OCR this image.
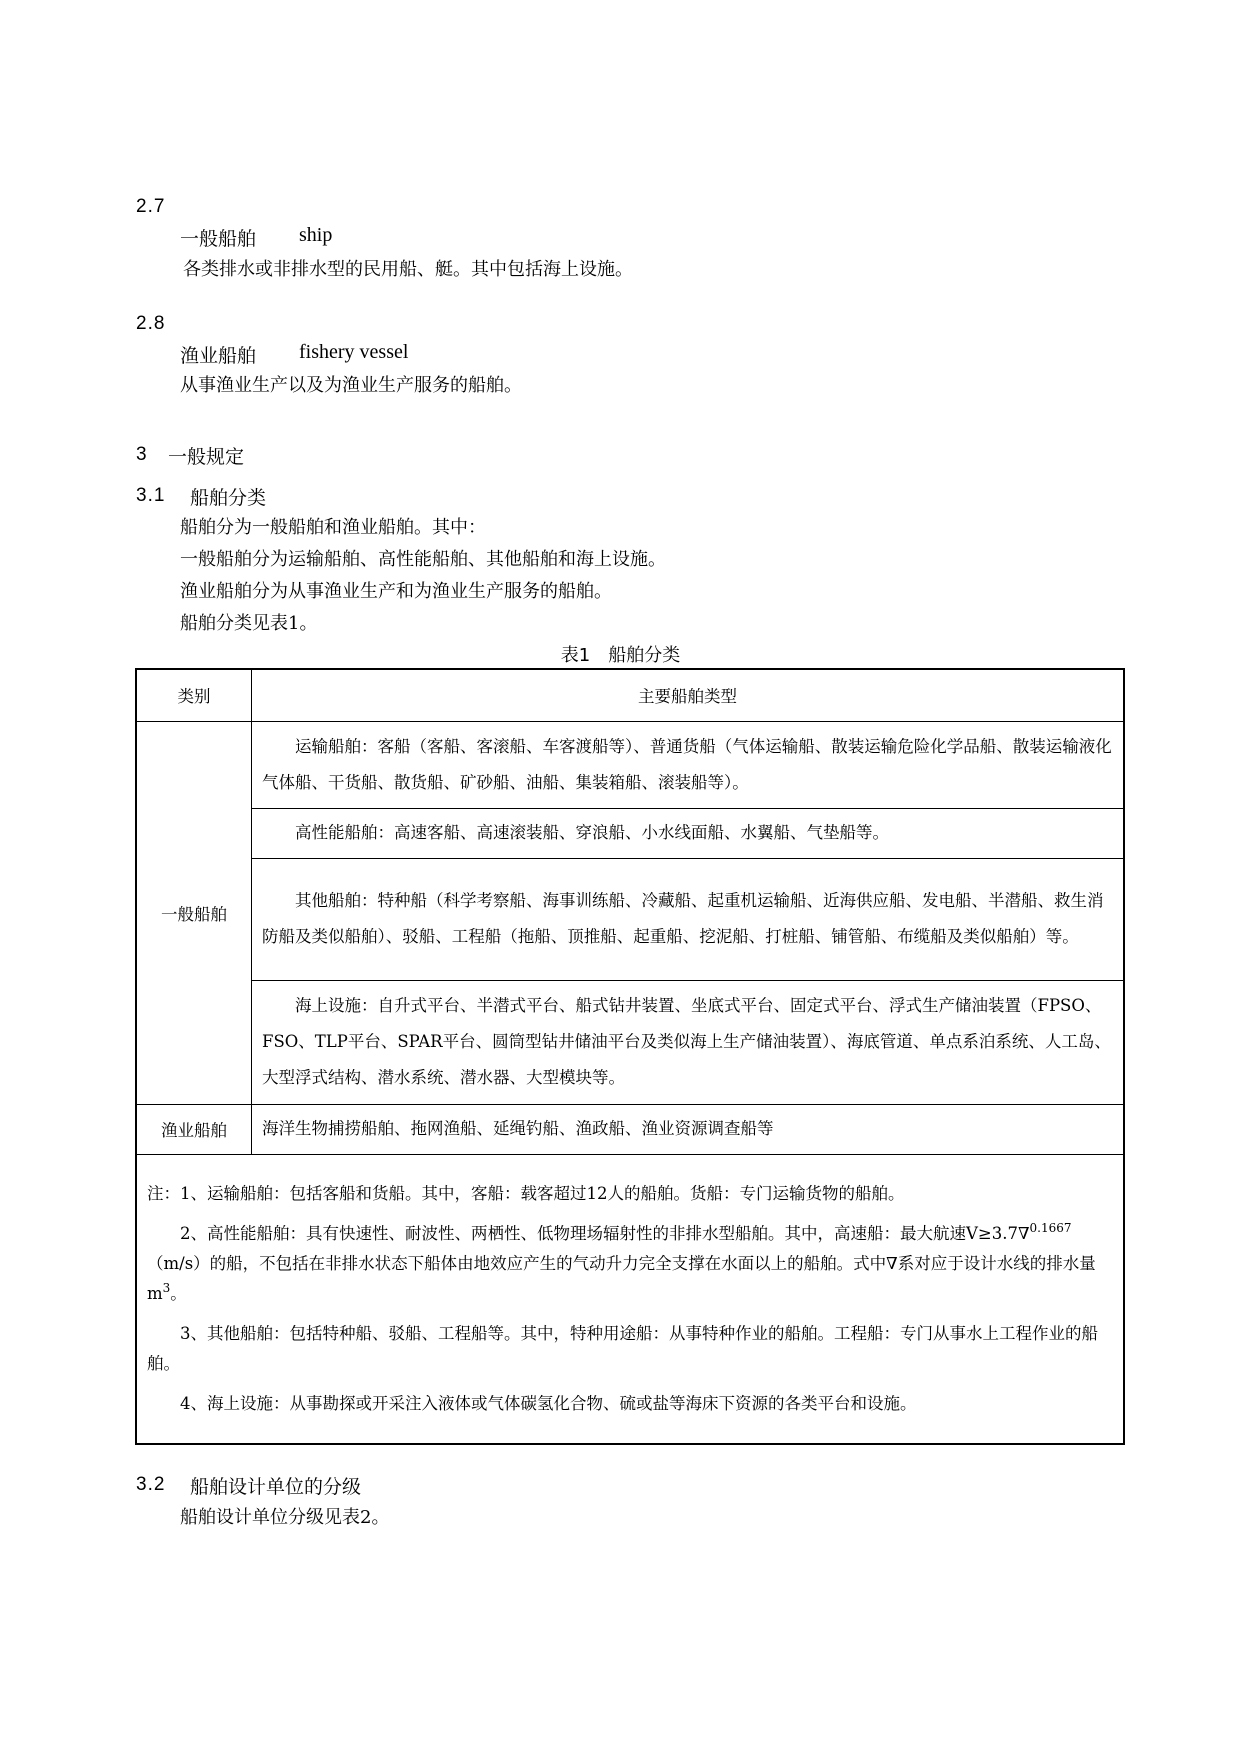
2.7
一般船舶 ship
各类排水或非排水型的民用船、艇。其中包括海上设施。
2.8
渔业船舶 fishery vessel
从事渔业生产以及为渔业生产服务的船舶。
3 一般规定
3.1 船舶分类
船舶分为一般船舶和渔业船舶。其中：
一般船舶分为运输船舶、高性能船舶、其他船舶和海上设施。
渔业船舶分为从事渔业生产和为渔业生产服务的船舶。
船舶分类见表1。
表1　船舶分类
类别	主要船舶类型
一般船舶	运输船舶：客船（客船、客滚船、车客渡船等）、普通货船（气体运输船、散装运输危险化学品船、散装运输液化气体船、干货船、散货船、矿砂船、油船、集装箱船、滚装船等）。
	高性能船舶：高速客船、高速滚装船、穿浪船、小水线面船、水翼船、气垫船等。
	其他船舶：特种船（科学考察船、海事训练船、冷藏船、起重机运输船、近海供应船、发电船、半潜船、救生消防船及类似船舶）、驳船、工程船（拖船、顶推船、起重船、挖泥船、打桩船、铺管船、布缆船及类似船舶）等。
	海上设施：自升式平台、半潜式平台、船式钻井装置、坐底式平台、固定式平台、浮式生产储油装置（FPSO、FSO、TLP平台、SPAR平台、圆筒型钻井储油平台及类似海上生产储油装置）、海底管道、单点系泊系统、人工岛、大型浮式结构、潜水系统、潜水器、大型模块等。
渔业船舶	海洋生物捕捞船舶、拖网渔船、延绳钓船、渔政船、渔业资源调查船等

注：1、运输船舶：包括客船和货船。其中，客船：载客超过12人的船舶。货船：专门运输货物的船舶。

2、高性能船舶：具有快速性、耐波性、两栖性、低物理场辐射性的非排水型船舶。其中，高速船：最大航速V≥3.7∇$^{0.1667}$（m/s）的船，不包括在非排水状态下船体由地效应产生的气动升力完全支撑在水面以上的船舶。式中∇系对应于设计水线的排水量$m^3$。

3、其他船舶：包括特种船、驳船、工程船等。其中，特种用途船：从事特种作业的船舶。工程船：专门从事水上工程作业的船舶。

4、海上设施：从事勘探或开采注入液体或气体碳氢化合物、硫或盐等海床下资源的各类平台和设施。	

3.2 船舶设计单位的分级
船舶设计单位分级见表2。
